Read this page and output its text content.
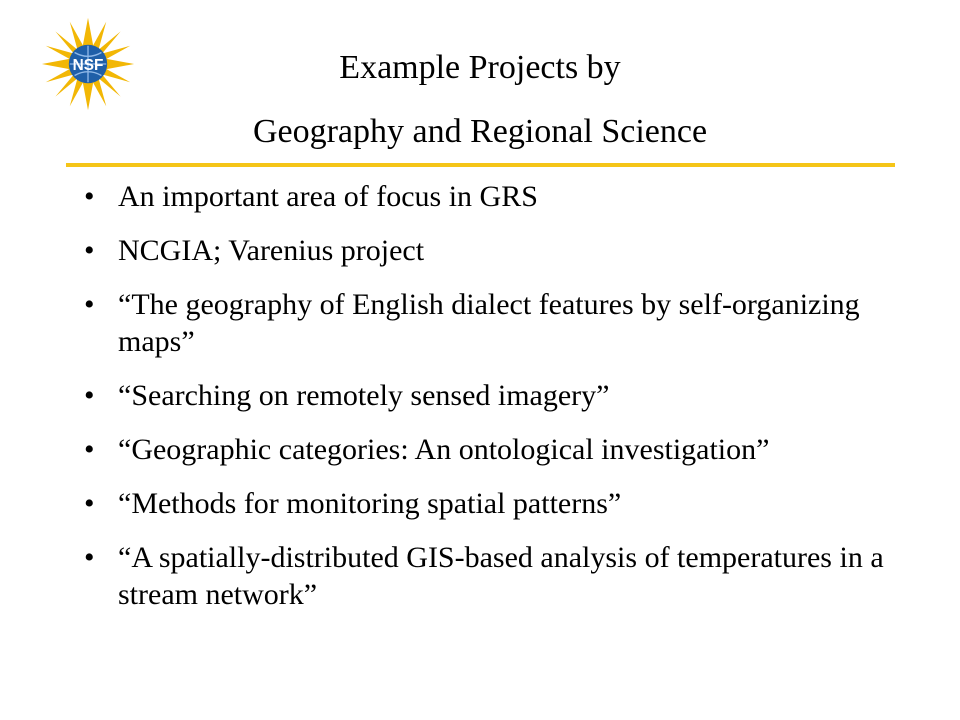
NSF	Example Projects by
Geography and Regional Science
• An important area of focus in GRS
• NCGIA; Varenius project
• “The geography of English dialect features by self-organizing maps”
• “Searching on remotely sensed imagery”
• “Geographic categories: An ontological investigation”
• “Methods for monitoring spatial patterns”
• “A spatially-distributed GIS-based analysis of temperatures in a stream network”
